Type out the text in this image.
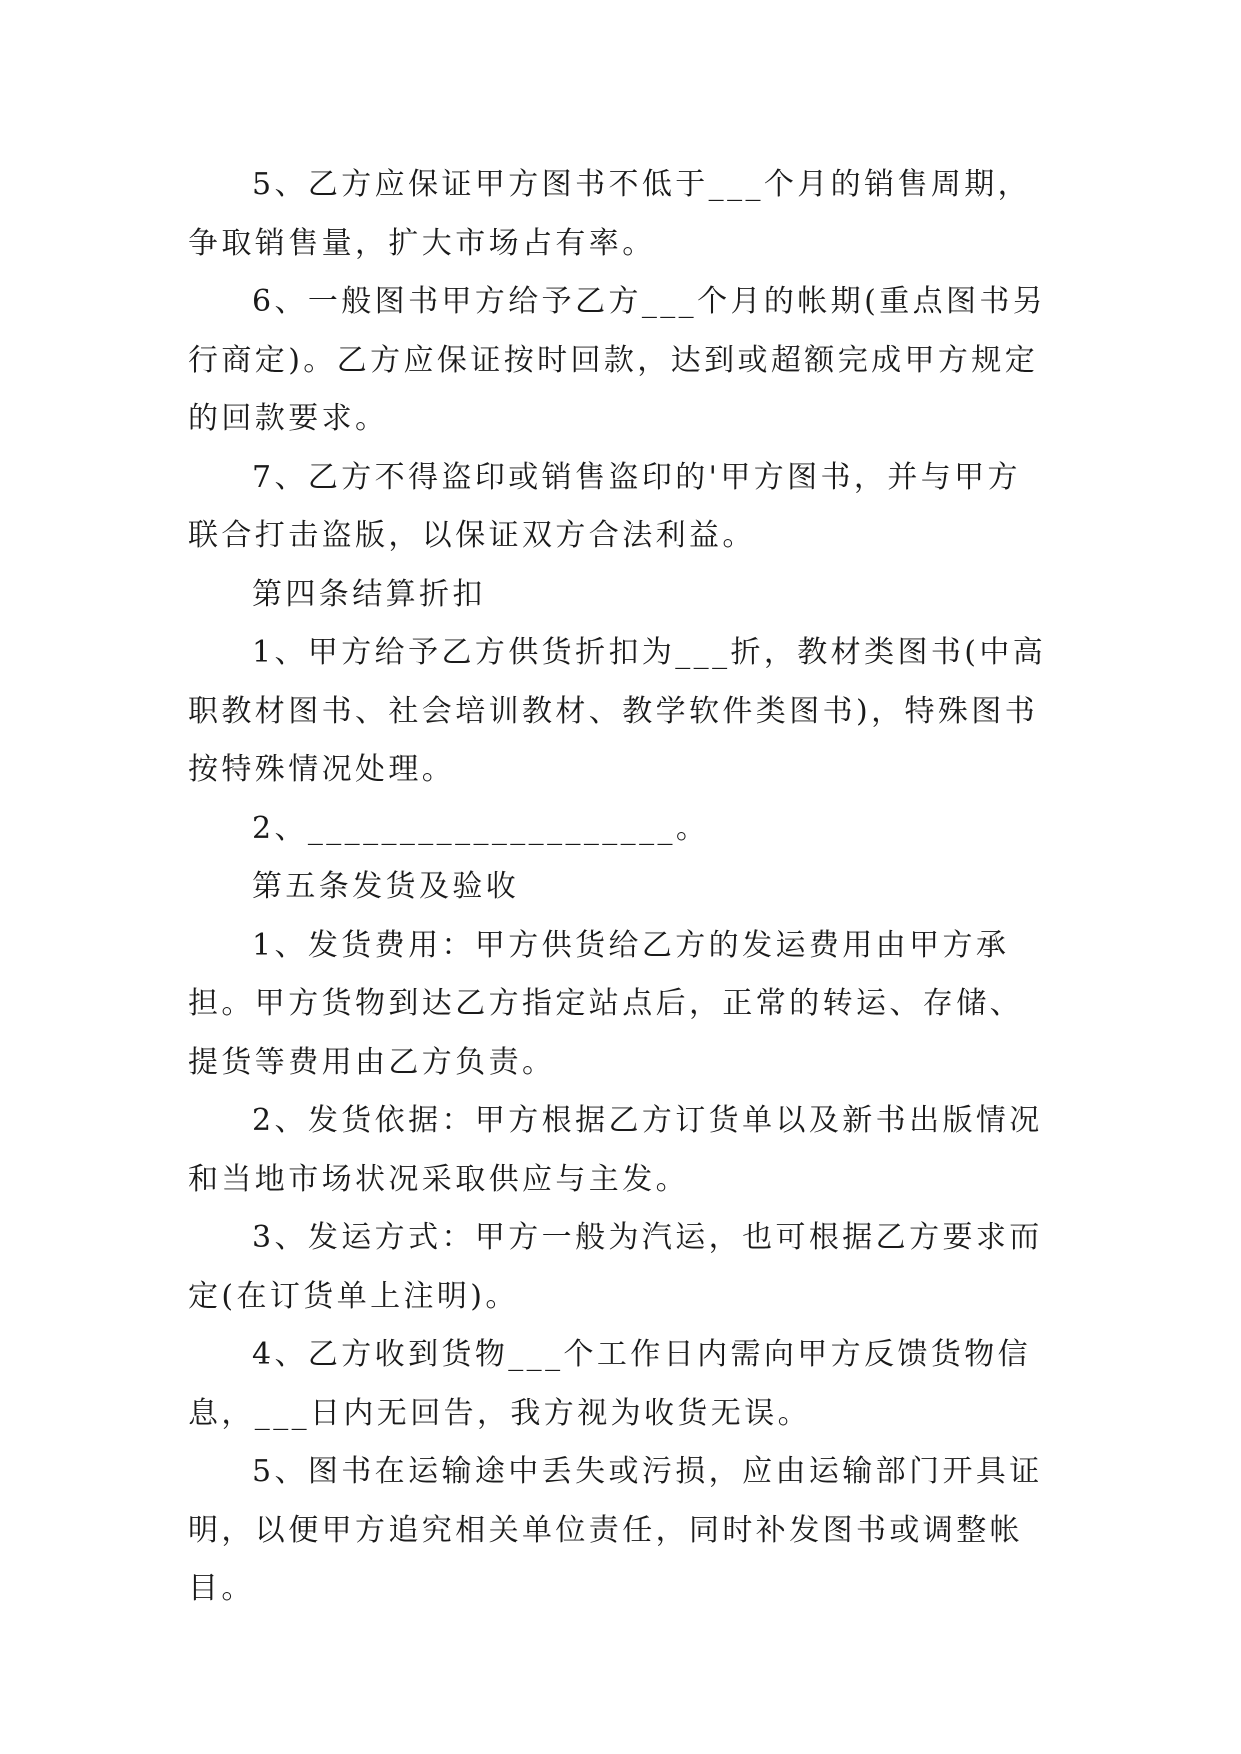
5、乙方应保证甲方图书不低于___个月的销售周期，争取销售量，扩大市场占有率。

6、一般图书甲方给予乙方___个月的帐期(重点图书另行商定)。乙方应保证按时回款，达到或超额完成甲方规定的回款要求。

7、乙方不得盗印或销售盗印的'甲方图书，并与甲方联合打击盗版，以保证双方合法利益。

第四条结算折扣

1、甲方给予乙方供货折扣为___折，教材类图书(中高职教材图书、社会培训教材、教学软件类图书)，特殊图书按特殊情况处理。

2、____________________。

第五条发货及验收

1、发货费用：甲方供货给乙方的发运费用由甲方承担。甲方货物到达乙方指定站点后，正常的转运、存储、提货等费用由乙方负责。

2、发货依据：甲方根据乙方订货单以及新书出版情况和当地市场状况采取供应与主发。

3、发运方式：甲方一般为汽运，也可根据乙方要求而定(在订货单上注明)。

4、乙方收到货物___个工作日内需向甲方反馈货物信息，___日内无回告，我方视为收货无误。

5、图书在运输途中丢失或污损，应由运输部门开具证明，以便甲方追究相关单位责任，同时补发图书或调整帐目。
